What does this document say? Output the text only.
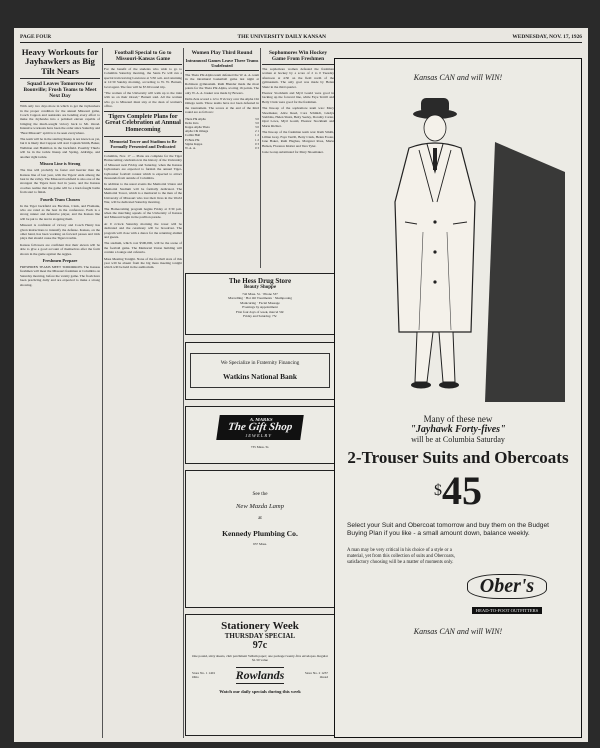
PAGE FOUR	THE UNIVERSITY DAILY KANSAN	WEDNESDAY, NOV. 17, 1926
Heavy Workouts for Jayhawkers as Big Tilt Nears
Squad Leaves Tomorrow for Boonville; Frosh Teams to Meet Next Day

With only two days more in which to get the Jayhawkers in the proper condition for the annual Missouri game, Coach Cappon and assistants are bending every effort to make the Jayhawks into a polished eleven capable of bringing the much-sought victory back to Mt. Oread. Intensive workouts have been the order since Saturday and "Beat Missouri" spirit is to be seen everywhere.

The team will be in the starting lineup is not known as yet, but it is likely that Cappon will start Captain Smith, Baker, Wellman and Hamilton in the backfield. Possibly Thurlo will be in the tackle lineup and Spring, Aldridge, and another right tackle.

Missou Line is Strong

The line will probably be faster and heavier than the Kansas line of last year, with the Tigers' ends among the best in the valley. The Missouri backfield is also one of the strongest the Tigers have had in years, and the Kansas coaches realize that the game will be a hard-fought battle from start to finish.

Fourth Team Chosen

In the Tiger backfield are Bacchus, Clark, and Flamank, who are rated as the best in the conference. Each is a strong runner and defensive player, and the Kansas line will be put to the test in stopping them.

Missouri is confident of victory and Coach Henry has given instructions to intensify the defense. Kansas, on the other hand, has been working on forward passes and trick plays that should cause the Tigers trouble.

Kansas followers are confident that their eleven will be able to give a good account of themselves after the form shown in the game against the Aggies.

Freshmen Prepare

FRESHMEN TEAMS MEET TOMORROW. The Kansas freshmen will meet the Missouri freshmen at Columbia on Saturday morning, before the varsity game. The frosh have been practicing daily and are expected to make a strong showing.

Football Special to Go to Missouri-Kansas Game

For the benefit of the students who wish to go to Columbia Saturday morning, the Santa Fe will run a special train leaving Lawrence at 5:30 a.m. and returning at 12:30 Sunday morning, according to W. W. Barnett, local agent. The fare will be $7.60 round trip.

"The women of the University will walk up to the train with us on their Oread," Barnett said. All the women who go to Missouri must stay at the dean of women's office.

Tigers Complete Plans for Great Celebration at Annual Homecoming
Memorial Tower and Stadium to Be Formally Presented and Dedicated

Columbia, Nov. 17 — Plans are complete for the Tiger Homecoming celebration in the history of the University of Missouri next Friday and Saturday, when the Kansas Jayhawkers are expected to furnish the annual Tiger-Jayhawker football contest which is expected to attract thousands from outside of Columbia.

In addition to the usual events the Memorial Union and Memorial Stadium will be formally dedicated. The Memorial Tower, which is a memorial to the men of the University of Missouri who lost their lives in the World War, will be dedicated Saturday morning.

The Homecoming program begins Friday at 3:30 p.m. when the marching squads of the University of Kansas and Missouri begin in the pavilion parade.

At 9 o'clock Saturday morning the tower will be dedicated and the ceremony will be broadcast. The program will close with a dance for the returning alumni and guests.

The stadium, which cost $500,000, will be the scene of the football game. The Memorial Union building will contain a lounge and cafeteria.

Mass Meeting Tonight. None of the football stars of this year will be absent from the big mass meeting tonight which will be held in the auditorium.

Women Play Third Round
Intramural Games Leave Three Teams Undefeated

The Theta Phi Alpha team defeated the W. A. A. team in the intramural basketball game last night at Robinson gymnasium. Ruth Blender made the most points for the Theta Phi Alpha, scoring 16 points. The only W. A. A. basket was made by Bowers.

Delta Zeta scored a 12 to 8 victory over the Alpha Chi Omega team. Three teams have not been defeated in the tournament. The scores at the end of the third round are as follows:

Theta Phi Alpha	3 0
Delta Zeta	3 0
Kappa Alpha Theta	3 0
Alpha Chi Omega	2 1
Corbin Hall	1 2
Pi Beta Phi	1 2
Sigma Kappa	0 3
W. A. A.	0 3
Sophomores Win Hockey Game From Freshmen

The sophomore women defeated the freshman women at hockey by a score of 2 to 0 Tuesday afternoon at 4:30 on the field north of the gymnasium. The only goal was made by Helen Shutz in the third quarter.

Eleanor Stockham and Myrl Gould were good in backing up the forward line, while Faye Terrill and Betty Clark were good for the freshmen.

The line-up of the sophomore team was: Mary Shoemaker, Alice Reed, Cora Schmidt, Gladys Stebbins, Helen Shutz, Betty Seeley, Dorothy Carter, Opal Lowe, Myrl Gould, Eleanor Stockham and Marie Richter.

The line-up of the freshman team was: Ruth Smith, Lillian Gray, Faye Terrill, Betty Clark, Helen Foster, Jane Baker, Ruth Hughes, Margaret Ross, Marie Helsen, Florence Kistler and Vera Tyler.

Josie Gorup substituted for Mary Shoemaker.

The Hess Drug Store
Beauty Shoppe
742 Mass. St. · Phone 537
Marcelling · Hot Oil Treatments · Shampooing
Manicuring · Facial Massage
Evenings by Appointment
First four days of week, marcel 50c
Friday and Saturday, 75c
We Specialize in Fraternity Financing
Watkins National Bank
A. MARKS
The Gift Shop
JEWELRY
735 Mass. St.
See the
New Mazda Lamp
at
Kennedy Plumbing Co.
937 Mass.
Stationery Week
THURSDAY SPECIAL
97c
One pound, sixty sheets, club parchment Vellum paper; one package twenty-five envelopes. Regular $1.50 value
Store No. 1 1401 Ohio	Rowlands	Store No. 2 1237 Oread
Watch our daily specials during this week
Kansas CAN and will WIN!
Many of these new
"Jayhawk Forty-fives"
will be at Columbia Saturday
2-Trouser Suits and Obercoats
$45
Select your Suit and Obercoat tomorrow and buy them on the Budget Buying Plan if you like - a small amount down, balance weekly.
A man may be very critical in his choice of a style or a material, yet from this collection of suits and Obercoats, satisfactory choosing will be a matter of moments only.
Ober's HEAD-TO-FOOT OUTFITTERS
Kansas CAN and will WIN!
